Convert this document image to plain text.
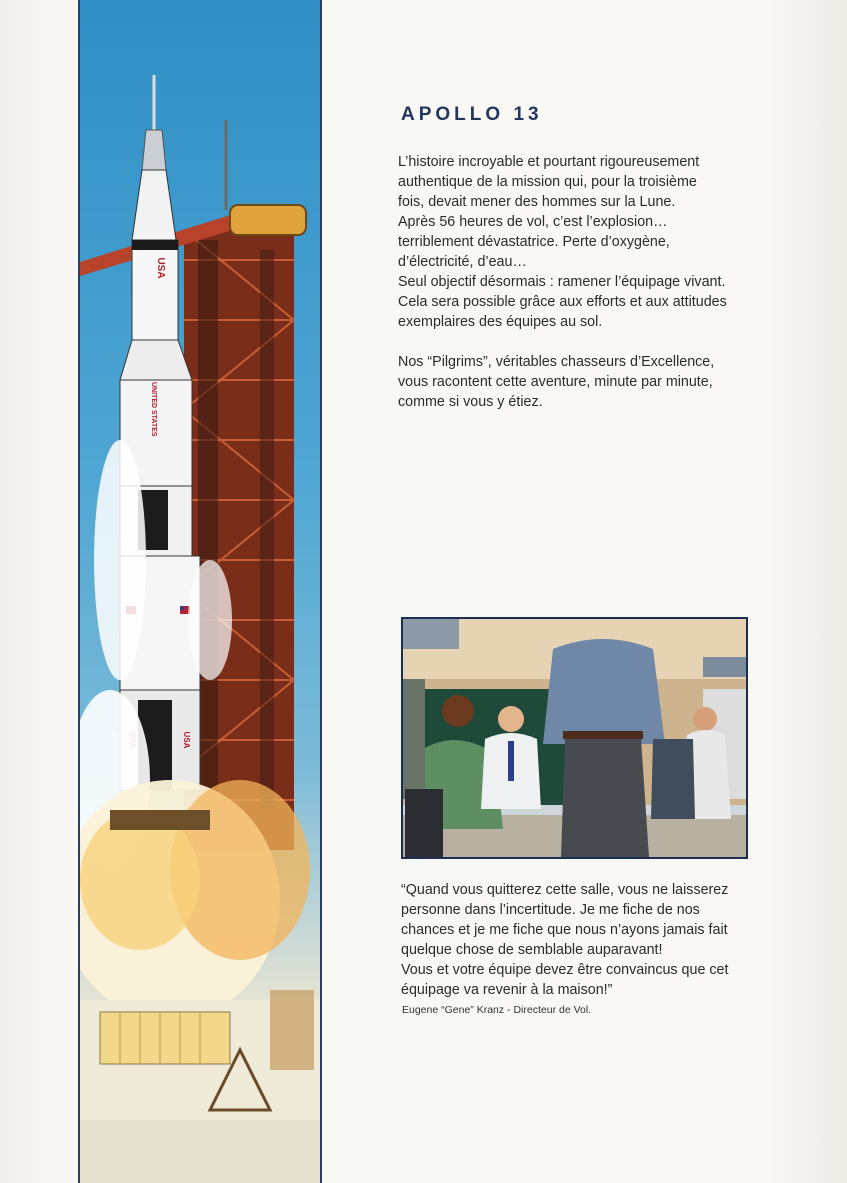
USA
UNITED STATES
USA
APOLLO 13

L’histoire incroyable et pourtant rigoureusement

authentique de la mission qui, pour la troisième

fois, devait mener des hommes sur la Lune.

Après 56 heures de vol, c’est l’explosion…

terriblement dévastatrice. Perte d’oxygène,

d’électricité, d’eau…

Seul objectif désormais : ramener l’équipage vivant.

Cela sera possible grâce aux efforts et aux attitudes

exemplaires des équipes au sol.

Nos “Pilgrims”, véritables chasseurs d’Excellence,

vous racontent cette aventure, minute par minute,

comme si vous y étiez.

“Quand vous quitterez cette salle, vous ne laisserez

personne dans l’incertitude. Je me fiche de nos

chances et je me fiche que nous n’ayons jamais fait

quelque chose de semblable auparavant!

Vous et votre équipe devez être convaincus que cet

équipage va revenir à la maison!”

Eugene “Gene” Kranz - Directeur de Vol.
